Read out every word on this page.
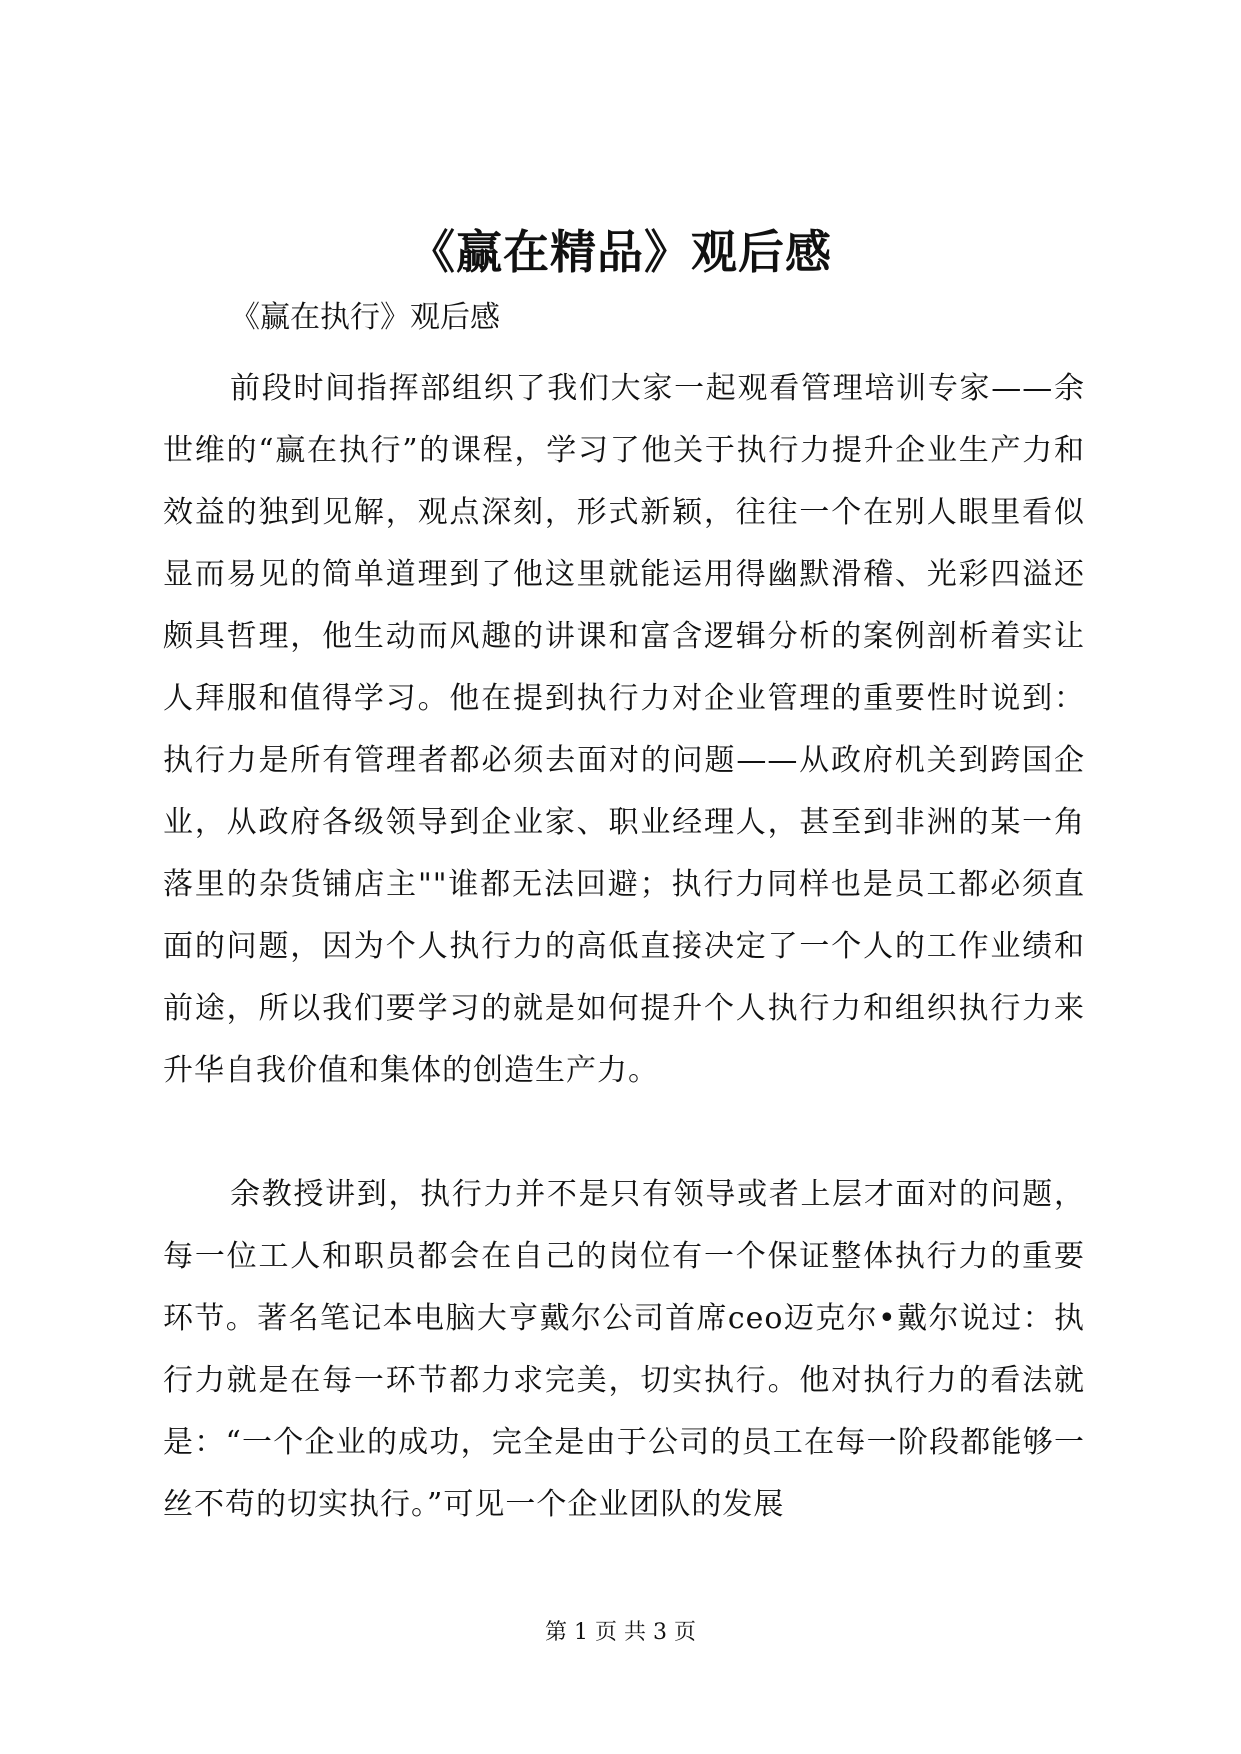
《赢在精品》观后感

《赢在执行》观后感

前段时间指挥部组织了我们大家一起观看管理培训专家——余世维的“赢在执行”的课程，学习了他关于执行力提升企业生产力和效益的独到见解，观点深刻，形式新颖，往往一个在别人眼里看似显而易见的简单道理到了他这里就能运用得幽默滑稽、光彩四溢还颇具哲理，他生动而风趣的讲课和富含逻辑分析的案例剖析着实让人拜服和值得学习。他在提到执行力对企业管理的重要性时说到：执行力是所有管理者都必须去面对的问题——从政府机关到跨国企业，从政府各级领导到企业家、职业经理人，甚至到非洲的某一角落里的杂货铺店主""谁都无法回避；执行力同样也是员工都必须直面的问题，因为个人执行力的高低直接决定了一个人的工作业绩和前途，所以我们要学习的就是如何提升个人执行力和组织执行力来升华自我价值和集体的创造生产力。

余教授讲到，执行力并不是只有领导或者上层才面对的问题，每一位工人和职员都会在自己的岗位有一个保证整体执行力的重要环节。著名笔记本电脑大亨戴尔公司首席ceo迈克尔•戴尔说过：执行力就是在每一环节都力求完美，切实执行。他对执行力的看法就是：“一个企业的成功，完全是由于公司的员工在每一阶段都能够一丝不苟的切实执行。”可见一个企业团队的发展

第 1 页 共 3 页
